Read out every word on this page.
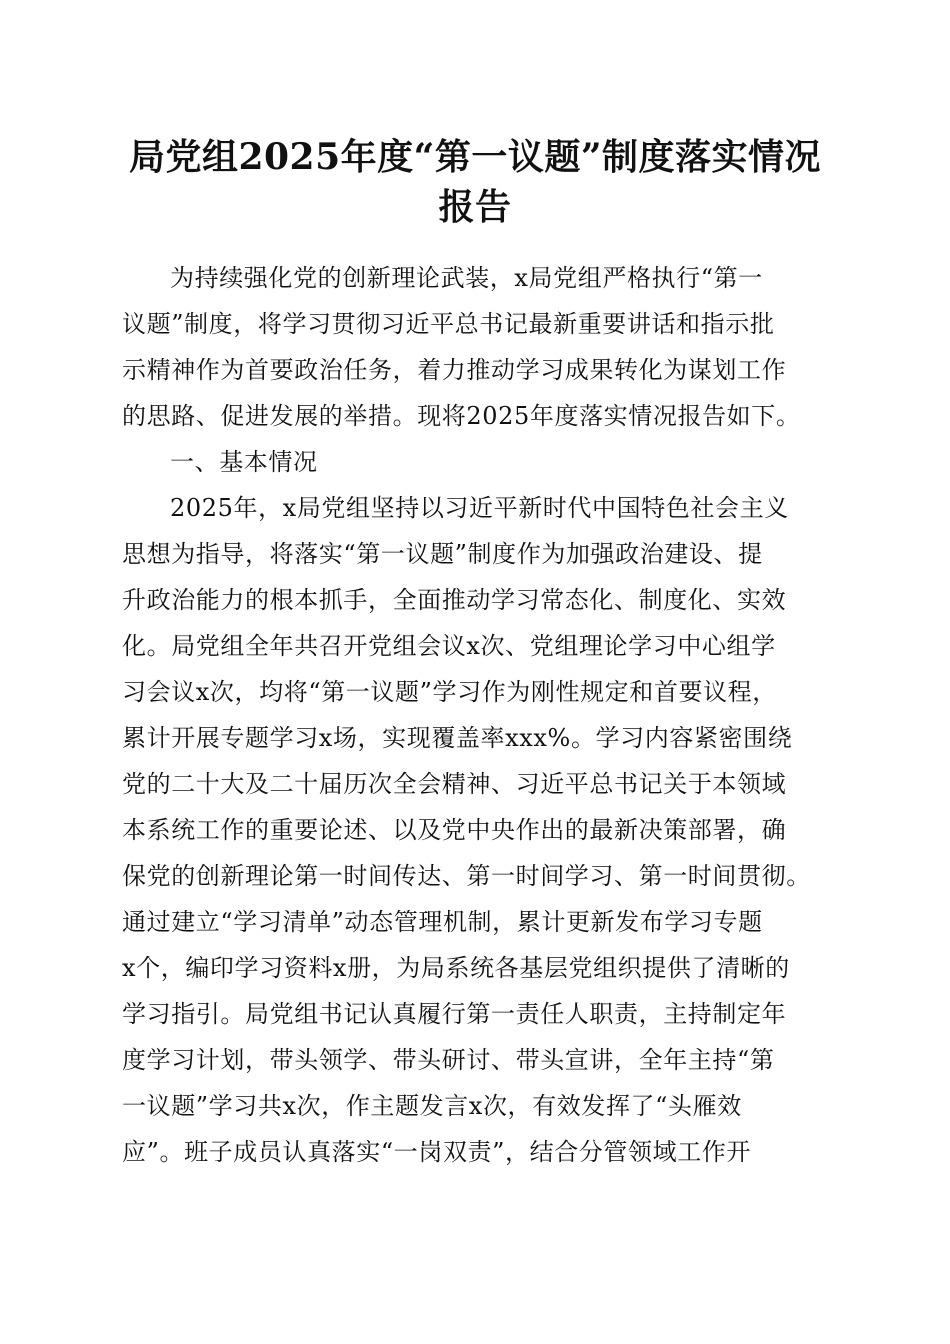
局党组2025年度“第一议题”制度落实情况
报告
为持续强化党的创新理论武装，x局党组严格执行“第一
议题”制度，将学习贯彻习近平总书记最新重要讲话和指示批
示精神作为首要政治任务，着力推动学习成果转化为谋划工作
的思路、促进发展的举措。现将2025年度落实情况报告如下。
一、基本情况
2025年，x局党组坚持以习近平新时代中国特色社会主义
思想为指导，将落实“第一议题”制度作为加强政治建设、提
升政治能力的根本抓手，全面推动学习常态化、制度化、实效
化。局党组全年共召开党组会议x次、党组理论学习中心组学
习会议x次，均将“第一议题”学习作为刚性规定和首要议程，
累计开展专题学习x场，实现覆盖率xxx%。学习内容紧密围绕
党的二十大及二十届历次全会精神、习近平总书记关于本领域
本系统工作的重要论述、以及党中央作出的最新决策部署，确
保党的创新理论第一时间传达、第一时间学习、第一时间贯彻。
通过建立“学习清单”动态管理机制，累计更新发布学习专题
x个，编印学习资料x册，为局系统各基层党组织提供了清晰的
学习指引。局党组书记认真履行第一责任人职责，主持制定年
度学习计划，带头领学、带头研讨、带头宣讲，全年主持“第
一议题”学习共x次，作主题发言x次，有效发挥了“头雁效
应”。班子成员认真落实“一岗双责”，结合分管领域工作开
